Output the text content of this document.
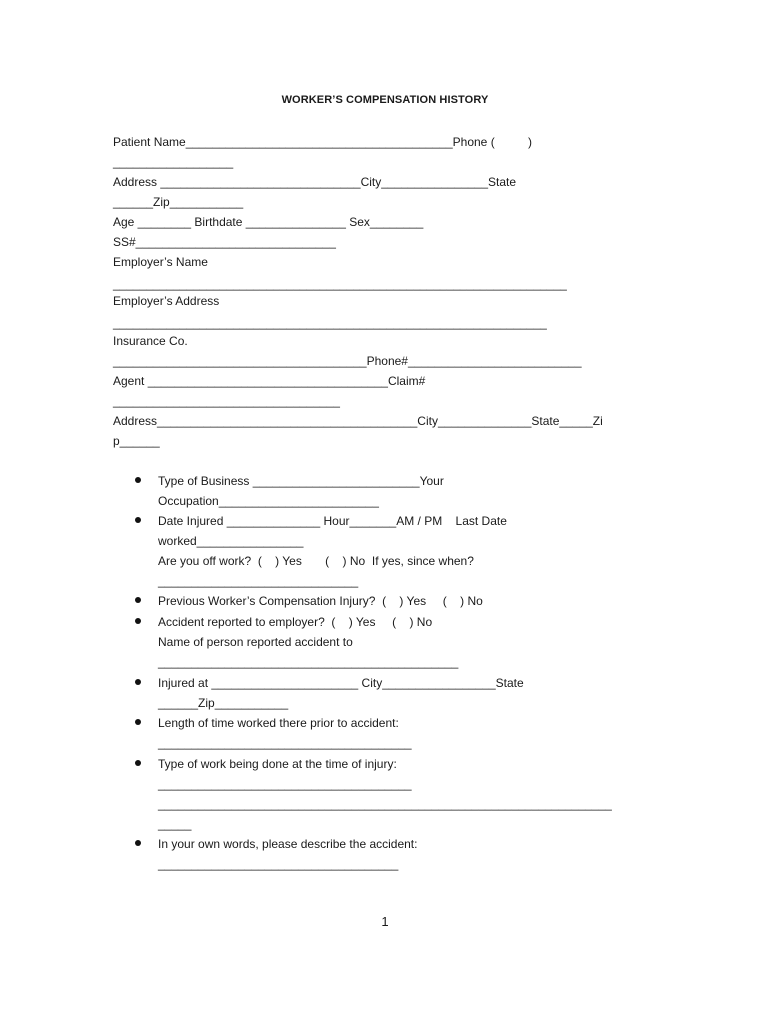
WORKER’S COMPENSATION HISTORY
Patient Name________________________________________Phone (          )
__________________
Address ______________________________City________________State
______Zip___________
Age ________ Birthdate _______________ Sex________
SS#______________________________
Employer’s Name
____________________________________________________________________
Employer’s Address
_________________________________________________________________
Insurance Co.
______________________________________Phone#__________________________
Agent ____________________________________Claim#
__________________________________
Address_______________________________________City______________State_____Zi
p______
Type of Business _________________________Your
Occupation________________________
Date Injured ______________ Hour_______AM / PM    Last Date
worked________________
Are you off work?  (    ) Yes       (    ) No  If yes, since when?
______________________________
Previous Worker’s Compensation Injury?  (    ) Yes     (    ) No
Accident reported to employer?  (    ) Yes     (    ) No
Name of person reported accident to
_____________________________________________
Injured at ______________________ City_________________State
______Zip___________
Length of time worked there prior to accident:
______________________________________
Type of work being done at the time of injury:
______________________________________
____________________________________________________________________
_____
In your own words, please describe the accident:
____________________________________
1
